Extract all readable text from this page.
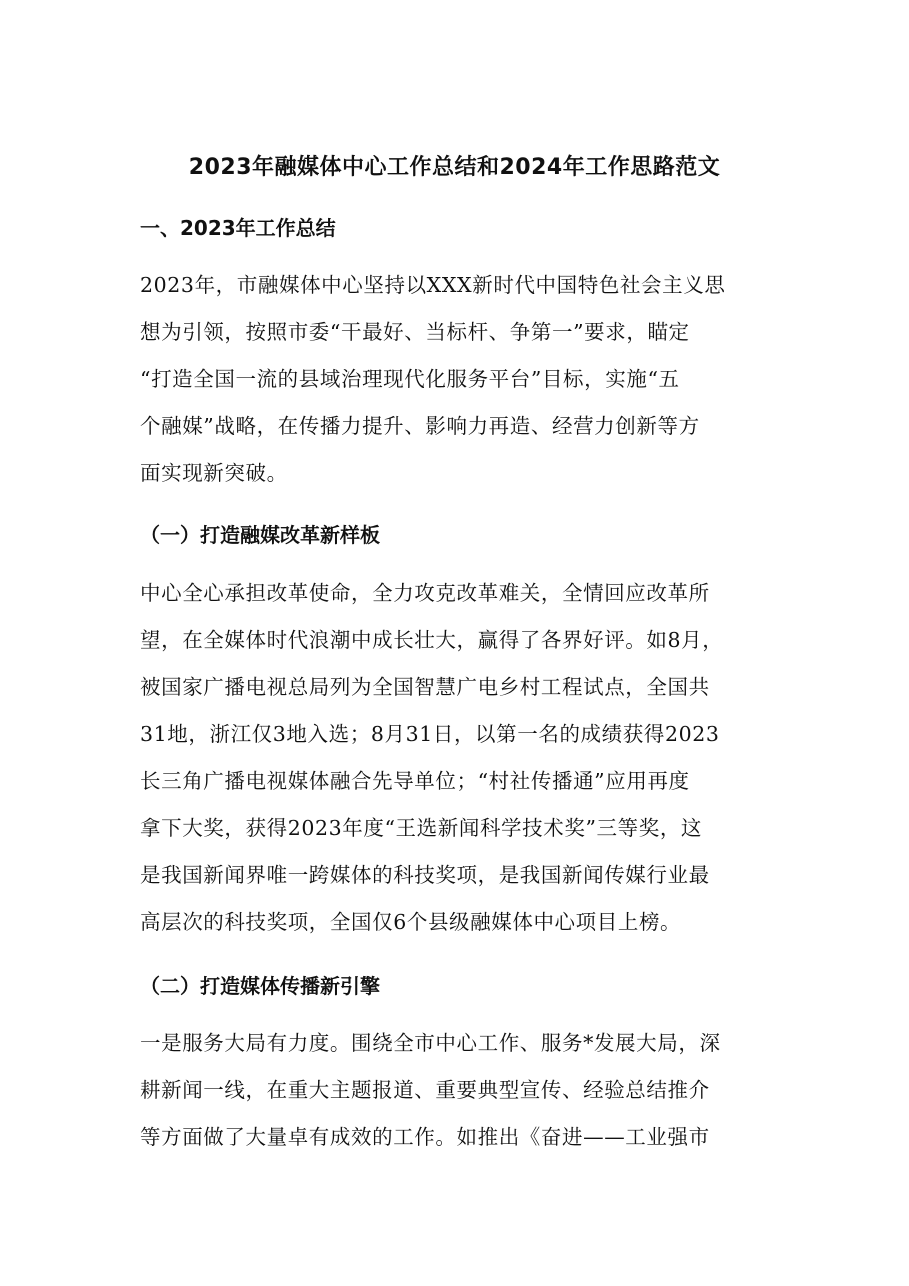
2023年融媒体中心工作总结和2024年工作思路范文
一、2023年工作总结
2023年，市融媒体中心坚持以XXX新时代中国特色社会主义思
想为引领，按照市委“干最好、当标杆、争第一”要求，瞄定
“打造全国一流的县域治理现代化服务平台”目标，实施“五
个融媒”战略，在传播力提升、影响力再造、经营力创新等方
面实现新突破。
（一）打造融媒改革新样板
中心全心承担改革使命，全力攻克改革难关，全情回应改革所
望，在全媒体时代浪潮中成长壮大，赢得了各界好评。如8月，
被国家广播电视总局列为全国智慧广电乡村工程试点，全国共
31地，浙江仅3地入选；8月31日，以第一名的成绩获得2023
长三角广播电视媒体融合先导单位；“村社传播通”应用再度
拿下大奖，获得2023年度“王选新闻科学技术奖”三等奖，这
是我国新闻界唯一跨媒体的科技奖项，是我国新闻传媒行业最
高层次的科技奖项，全国仅6个县级融媒体中心项目上榜。
（二）打造媒体传播新引擎
一是服务大局有力度。围绕全市中心工作、服务*发展大局，深
耕新闻一线，在重大主题报道、重要典型宣传、经验总结推介
等方面做了大量卓有成效的工作。如推出《奋进——工业强市
